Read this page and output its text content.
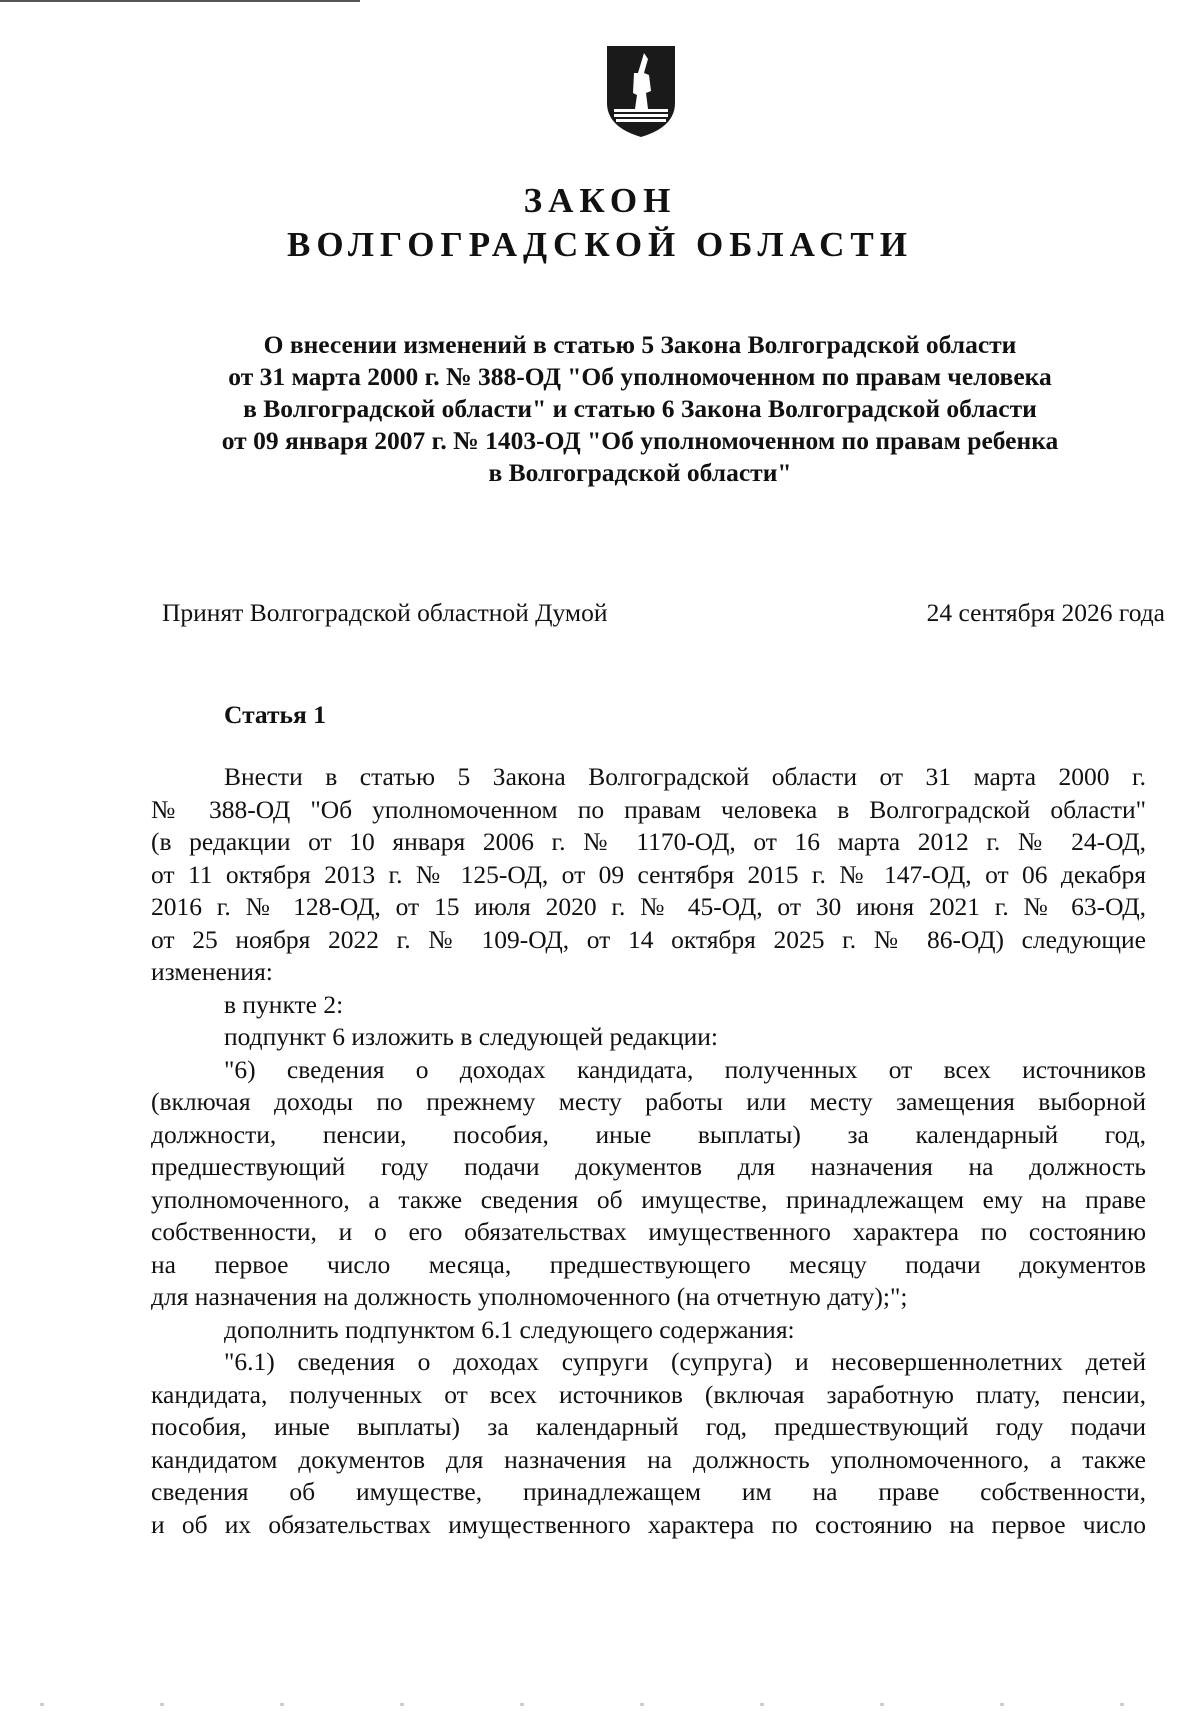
ЗАКОН
ВОЛГОГРАДСКОЙ ОБЛАСТИ
О внесении изменений в статью 5 Закона Волгоградской области
от 31 марта 2000 г. № 388-ОД "Об уполномоченном по правам человека
в Волгоградской области" и статью 6 Закона Волгоградской области
от 09 января 2007 г. № 1403-ОД "Об уполномоченном по правам ребенка
в Волгоградской области"
Принят Волгоградской областной Думой	24 сентября 2026 года
Статья 1
Внести в статью 5 Закона Волгоградской области от 31 марта 2000 г.
№ 388-ОД "Об уполномоченном по правам человека в Волгоградской области"
(в редакции от 10 января 2006 г. № 1170-ОД, от 16 марта 2012 г. № 24-ОД,
от 11 октября 2013 г. № 125-ОД, от 09 сентября 2015 г. № 147-ОД, от 06 декабря
2016 г. № 128-ОД, от 15 июля 2020 г. № 45-ОД, от 30 июня 2021 г. № 63-ОД,
от 25 ноября 2022 г. № 109-ОД, от 14 октября 2025 г. № 86-ОД) следующие
изменения:
в пункте 2:
подпункт 6 изложить в следующей редакции:
"6) сведения о доходах кандидата, полученных от всех источников
(включая доходы по прежнему месту работы или месту замещения выборной
должности, пенсии, пособия, иные выплаты) за календарный год,
предшествующий году подачи документов для назначения на должность
уполномоченного, а также сведения об имуществе, принадлежащем ему на праве
собственности, и о его обязательствах имущественного характера по состоянию
на первое число месяца, предшествующего месяцу подачи документов
для назначения на должность уполномоченного (на отчетную дату);";
дополнить подпунктом 6.1 следующего содержания:
"6.1) сведения о доходах супруги (супруга) и несовершеннолетних детей
кандидата, полученных от всех источников (включая заработную плату, пенсии,
пособия, иные выплаты) за календарный год, предшествующий году подачи
кандидатом документов для назначения на должность уполномоченного, а также
сведения об имуществе, принадлежащем им на праве собственности,
и об их обязательствах имущественного характера по состоянию на первое число
